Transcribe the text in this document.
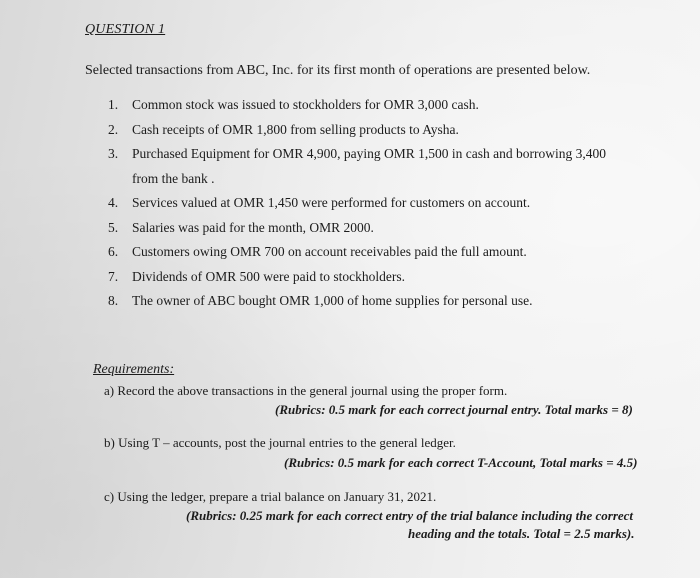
QUESTION 1
Selected transactions from ABC, Inc. for its first month of operations are presented below.
1.	Common stock was issued to stockholders for OMR 3,000 cash.
2.	Cash receipts of OMR 1,800 from selling products to Aysha.
3.	Purchased Equipment for OMR 4,900, paying OMR 1,500 in cash and borrowing 3,400 from the bank .
4.	Services valued at OMR 1,450 were performed for customers on account.
5.	Salaries was paid for the month, OMR 2000.
6.	Customers owing OMR 700 on account receivables paid the full amount.
7.	Dividends of OMR 500 were paid to stockholders.
8.	The owner of ABC bought OMR 1,000 of home supplies for personal use.
Requirements:
a) Record the above transactions in the general journal using the proper form.
(Rubrics: 0.5 mark for each correct journal entry. Total marks = 8)
b) Using T – accounts, post the journal entries to the general ledger.
(Rubrics: 0.5 mark for each correct T-Account, Total marks = 4.5)
c) Using the ledger, prepare a trial balance on January 31, 2021.
(Rubrics: 0.25 mark for each correct entry of the trial balance including the correct
heading and the totals. Total = 2.5 marks).
